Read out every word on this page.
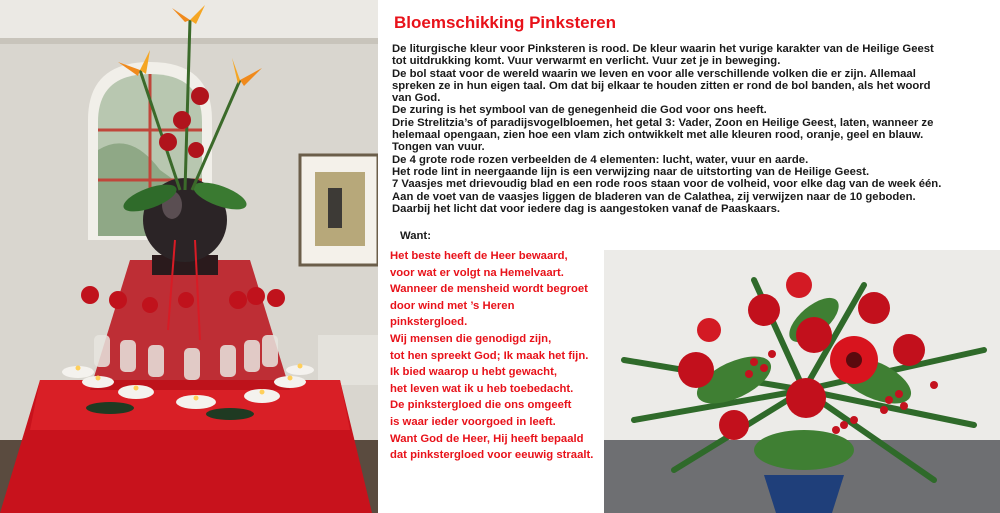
Bloemschikking Pinksteren
De liturgische kleur voor Pinksteren is rood. De kleur waarin het vurige karakter van de Heilige Geest
tot uitdrukking komt. Vuur verwarmt en verlicht. Vuur zet je in beweging.
De bol staat voor de wereld waarin we leven en voor alle verschillende volken die er zijn. Allemaal
spreken ze in hun eigen taal. Om dat bij elkaar te houden zitten er rond de bol banden, als het woord
van God.
De zuring is het symbool van de genegenheid die God voor ons heeft.
Drie Strelitzia’s of paradijsvogelbloemen, het getal 3: Vader, Zoon en Heilige Geest, laten, wanneer ze
helemaal opengaan, zien hoe een vlam zich ontwikkelt met alle kleuren rood, oranje, geel en blauw.
Tongen van vuur.
De 4 grote rode rozen verbeelden de 4 elementen: lucht, water, vuur en aarde.
Het rode lint in neergaande lijn is een verwijzing naar de uitstorting van de Heilige Geest.
7 Vaasjes met drievoudig blad en een rode roos staan voor de volheid, voor elke dag van de week één.
Aan de voet van de vaasjes liggen de bladeren van de Calathea, zij verwijzen naar de 10 geboden.
Daarbij het licht dat voor iedere dag is aangestoken vanaf de Paaskaars.
Want:
Het beste heeft de Heer bewaard,
voor wat er volgt na Hemelvaart.
Wanneer de mensheid wordt begroet
door wind met ’s Heren
pinkstergloed.
Wij mensen die genodigd zijn,
tot hen spreekt God; Ik maak het fijn.
Ik bied waarop u hebt gewacht,
het leven wat ik u heb toebedacht.
De pinkstergloed die ons omgeeft
is waar ieder voorgoed in leeft.
Want God de Heer, Hij heeft bepaald
dat pinkstergloed voor eeuwig straalt.
